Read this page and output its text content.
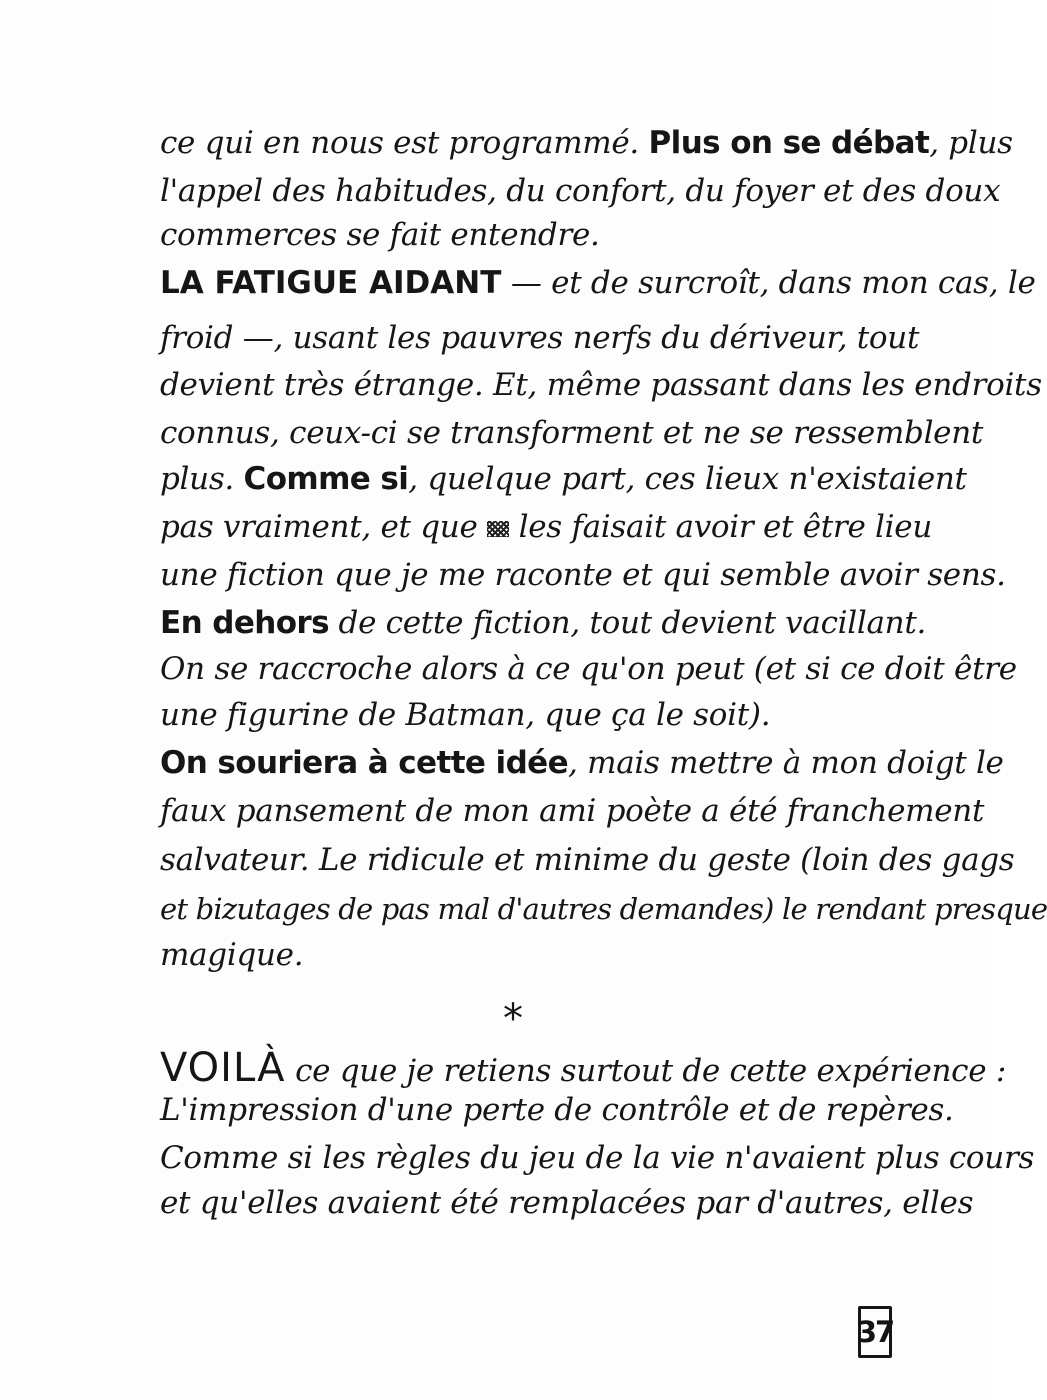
ce qui en nous est programmé. Plus on se débat, plus
l'appel des habitudes, du confort, du foyer et des doux
commerces se fait entendre.
LA FATIGUE AIDANT — et de surcroît, dans mon cas, le
froid —, usant les pauvres nerfs du dériveur, tout
devient très étrange. Et, même passant dans les endroits
connus, ceux-ci se transforment et ne se ressemblent
plus. Comme si, quelque part, ces lieux n'existaient
pas vraiment, et que  les faisait avoir et être lieu
une fiction que je me raconte et qui semble avoir sens.
En dehors de cette fiction, tout devient vacillant.
On se raccroche alors à ce qu'on peut (et si ce doit être
une figurine de Batman, que ça le soit).
On souriera à cette idée, mais mettre à mon doigt le
faux pansement de mon ami poète a été franchement
salvateur. Le ridicule et minime du geste (loin des gags
et bizutages de pas mal d'autres demandes) le rendant presque
magique.
*
VOILÀ ce que je retiens surtout de cette expérience :
L'impression d'une perte de contrôle et de repères.
Comme si les règles du jeu de la vie n'avaient plus cours
et qu'elles avaient été remplacées par d'autres, elles
37
